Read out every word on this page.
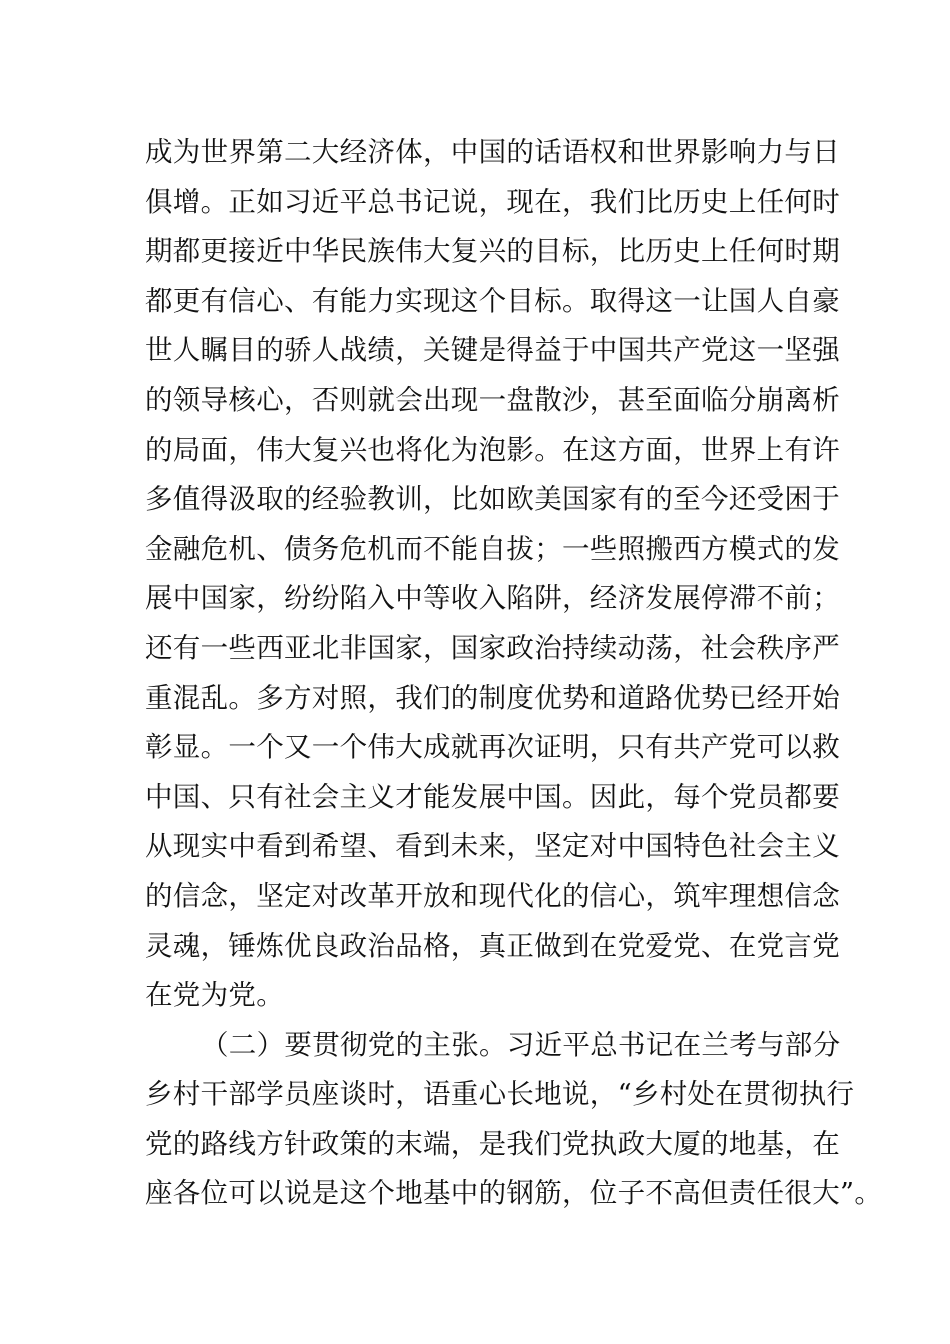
成为世界第二大经济体，中国的话语权和世界影响力与日
俱增。正如习近平总书记说，现在，我们比历史上任何时
期都更接近中华民族伟大复兴的目标，比历史上任何时期
都更有信心、有能力实现这个目标。取得这一让国人自豪
世人瞩目的骄人战绩，关键是得益于中国共产党这一坚强
的领导核心，否则就会出现一盘散沙，甚至面临分崩离析
的局面，伟大复兴也将化为泡影。在这方面，世界上有许
多值得汲取的经验教训，比如欧美国家有的至今还受困于
金融危机、债务危机而不能自拔；一些照搬西方模式的发
展中国家，纷纷陷入中等收入陷阱，经济发展停滞不前；
还有一些西亚北非国家，国家政治持续动荡，社会秩序严
重混乱。多方对照，我们的制度优势和道路优势已经开始
彰显。一个又一个伟大成就再次证明，只有共产党可以救
中国、只有社会主义才能发展中国。因此，每个党员都要
从现实中看到希望、看到未来，坚定对中国特色社会主义
的信念，坚定对改革开放和现代化的信心，筑牢理想信念
灵魂，锤炼优良政治品格，真正做到在党爱党、在党言党
在党为党。
（二）要贯彻党的主张。习近平总书记在兰考与部分
乡村干部学员座谈时，语重心长地说，“乡村处在贯彻执行
党的路线方针政策的末端，是我们党执政大厦的地基，在
座各位可以说是这个地基中的钢筋，位子不高但责任很大”。
